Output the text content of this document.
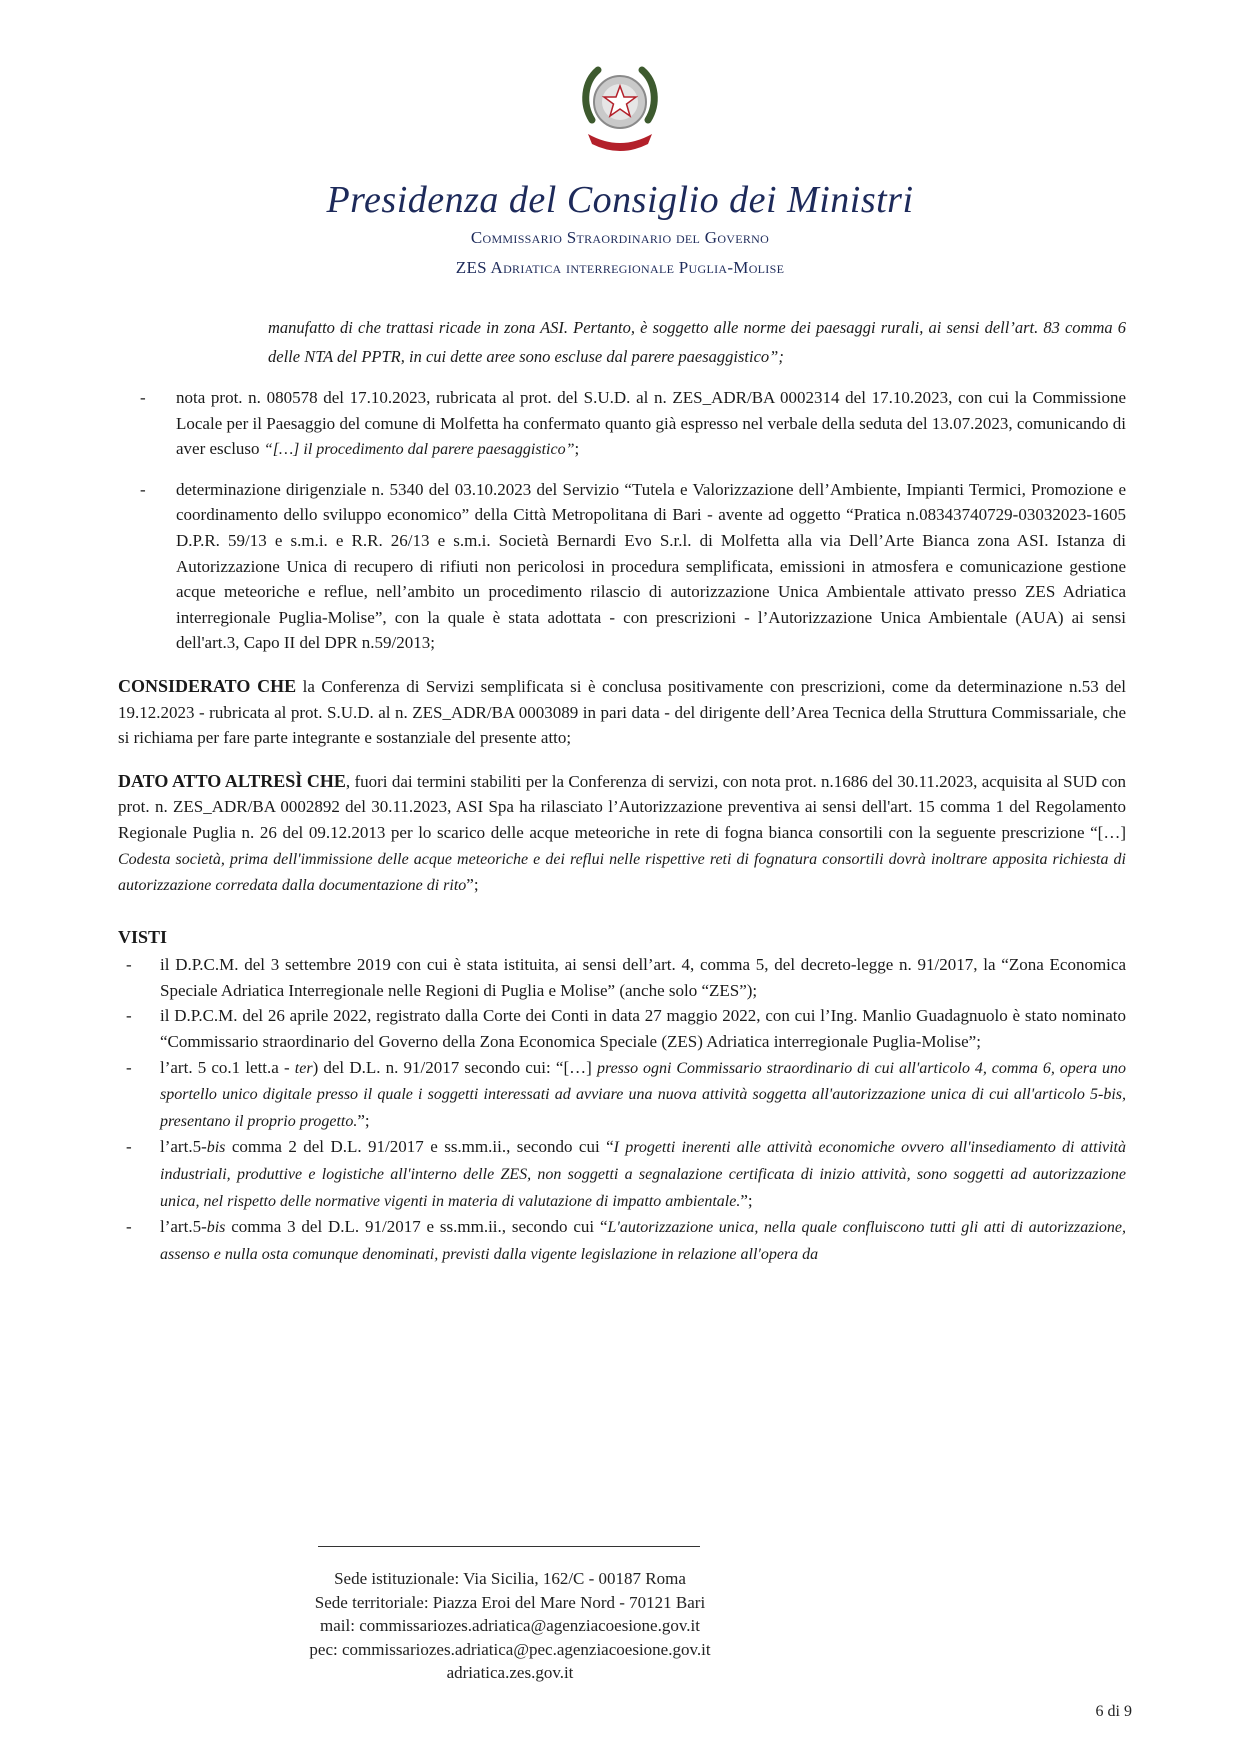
Presidenza del Consiglio dei Ministri
Commissario Straordinario del Governo
ZES Adriatica interregionale Puglia-Molise
manufatto di che trattasi ricade in zona ASI. Pertanto, è soggetto alle norme dei paesaggi rurali, ai sensi dell’art. 83 comma 6 delle NTA del PPTR, in cui dette aree sono escluse dal parere paesaggistico”;
- nota prot. n. 080578 del 17.10.2023, rubricata al prot. del S.U.D. al n. ZES_ADR/BA 0002314 del 17.10.2023, con cui la Commissione Locale per il Paesaggio del comune di Molfetta ha confermato quanto già espresso nel verbale della seduta del 13.07.2023, comunicando di aver escluso “[…] il procedimento dal parere paesaggistico”;
- determinazione dirigenziale n. 5340 del 03.10.2023 del Servizio “Tutela e Valorizzazione dell’Ambiente, Impianti Termici, Promozione e coordinamento dello sviluppo economico” della Città Metropolitana di Bari - avente ad oggetto “Pratica n.08343740729-03032023-1605 D.P.R. 59/13 e s.m.i. e R.R. 26/13 e s.m.i. Società Bernardi Evo S.r.l. di Molfetta alla via Dell’Arte Bianca zona ASI. Istanza di Autorizzazione Unica di recupero di rifiuti non pericolosi in procedura semplificata, emissioni in atmosfera e comunicazione gestione acque meteoriche e reflue, nell’ambito un procedimento rilascio di autorizzazione Unica Ambientale attivato presso ZES Adriatica interregionale Puglia-Molise”, con la quale è stata adottata - con prescrizioni - l’Autorizzazione Unica Ambientale (AUA) ai sensi dell'art.3, Capo II del DPR n.59/2013;
CONSIDERATO CHE la Conferenza di Servizi semplificata si è conclusa positivamente con prescrizioni, come da determinazione n.53 del 19.12.2023 - rubricata al prot. S.U.D. al n. ZES_ADR/BA 0003089 in pari data - del dirigente dell’Area Tecnica della Struttura Commissariale, che si richiama per fare parte integrante e sostanziale del presente atto;
DATO ATTO ALTRESÌ CHE, fuori dai termini stabiliti per la Conferenza di servizi, con nota prot. n.1686 del 30.11.2023, acquisita al SUD con prot. n. ZES_ADR/BA 0002892 del 30.11.2023, ASI Spa ha rilasciato l’Autorizzazione preventiva ai sensi dell'art. 15 comma 1 del Regolamento Regionale Puglia n. 26 del 09.12.2013 per lo scarico delle acque meteoriche in rete di fogna bianca consortili con la seguente prescrizione “[…] Codesta società, prima dell'immissione delle acque meteoriche e dei reflui nelle rispettive reti di fognatura consortili dovrà inoltrare apposita richiesta di autorizzazione corredata dalla documentazione di rito”;
VISTI
- il D.P.C.M. del 3 settembre 2019 con cui è stata istituita, ai sensi dell’art. 4, comma 5, del decreto-legge n. 91/2017, la “Zona Economica Speciale Adriatica Interregionale nelle Regioni di Puglia e Molise” (anche solo “ZES”);
- il D.P.C.M. del 26 aprile 2022, registrato dalla Corte dei Conti in data 27 maggio 2022, con cui l’Ing. Manlio Guadagnuolo è stato nominato “Commissario straordinario del Governo della Zona Economica Speciale (ZES) Adriatica interregionale Puglia-Molise”;
- l’art. 5 co.1 lett.a - ter) del D.L. n. 91/2017 secondo cui: “[…] presso ogni Commissario straordinario di cui all'articolo 4, comma 6, opera uno sportello unico digitale presso il quale i soggetti interessati ad avviare una nuova attività soggetta all'autorizzazione unica di cui all'articolo 5-bis, presentano il proprio progetto.”;
- l’art.5-bis comma 2 del D.L. 91/2017 e ss.mm.ii., secondo cui “I progetti inerenti alle attività economiche ovvero all'insediamento di attività industriali, produttive e logistiche all'interno delle ZES, non soggetti a segnalazione certificata di inizio attività, sono soggetti ad autorizzazione unica, nel rispetto delle normative vigenti in materia di valutazione di impatto ambientale.”;
- l’art.5-bis comma 3 del D.L. 91/2017 e ss.mm.ii., secondo cui “L'autorizzazione unica, nella quale confluiscono tutti gli atti di autorizzazione, assenso e nulla osta comunque denominati, previsti dalla vigente legislazione in relazione all'opera da
Sede istituzionale: Via Sicilia, 162/C - 00187 Roma
Sede territoriale: Piazza Eroi del Mare Nord - 70121 Bari
mail: commissariozes.adriatica@agenziacoesione.gov.it
pec: commissariozes.adriatica@pec.agenziacoesione.gov.it
adriatica.zes.gov.it
6 di 9
